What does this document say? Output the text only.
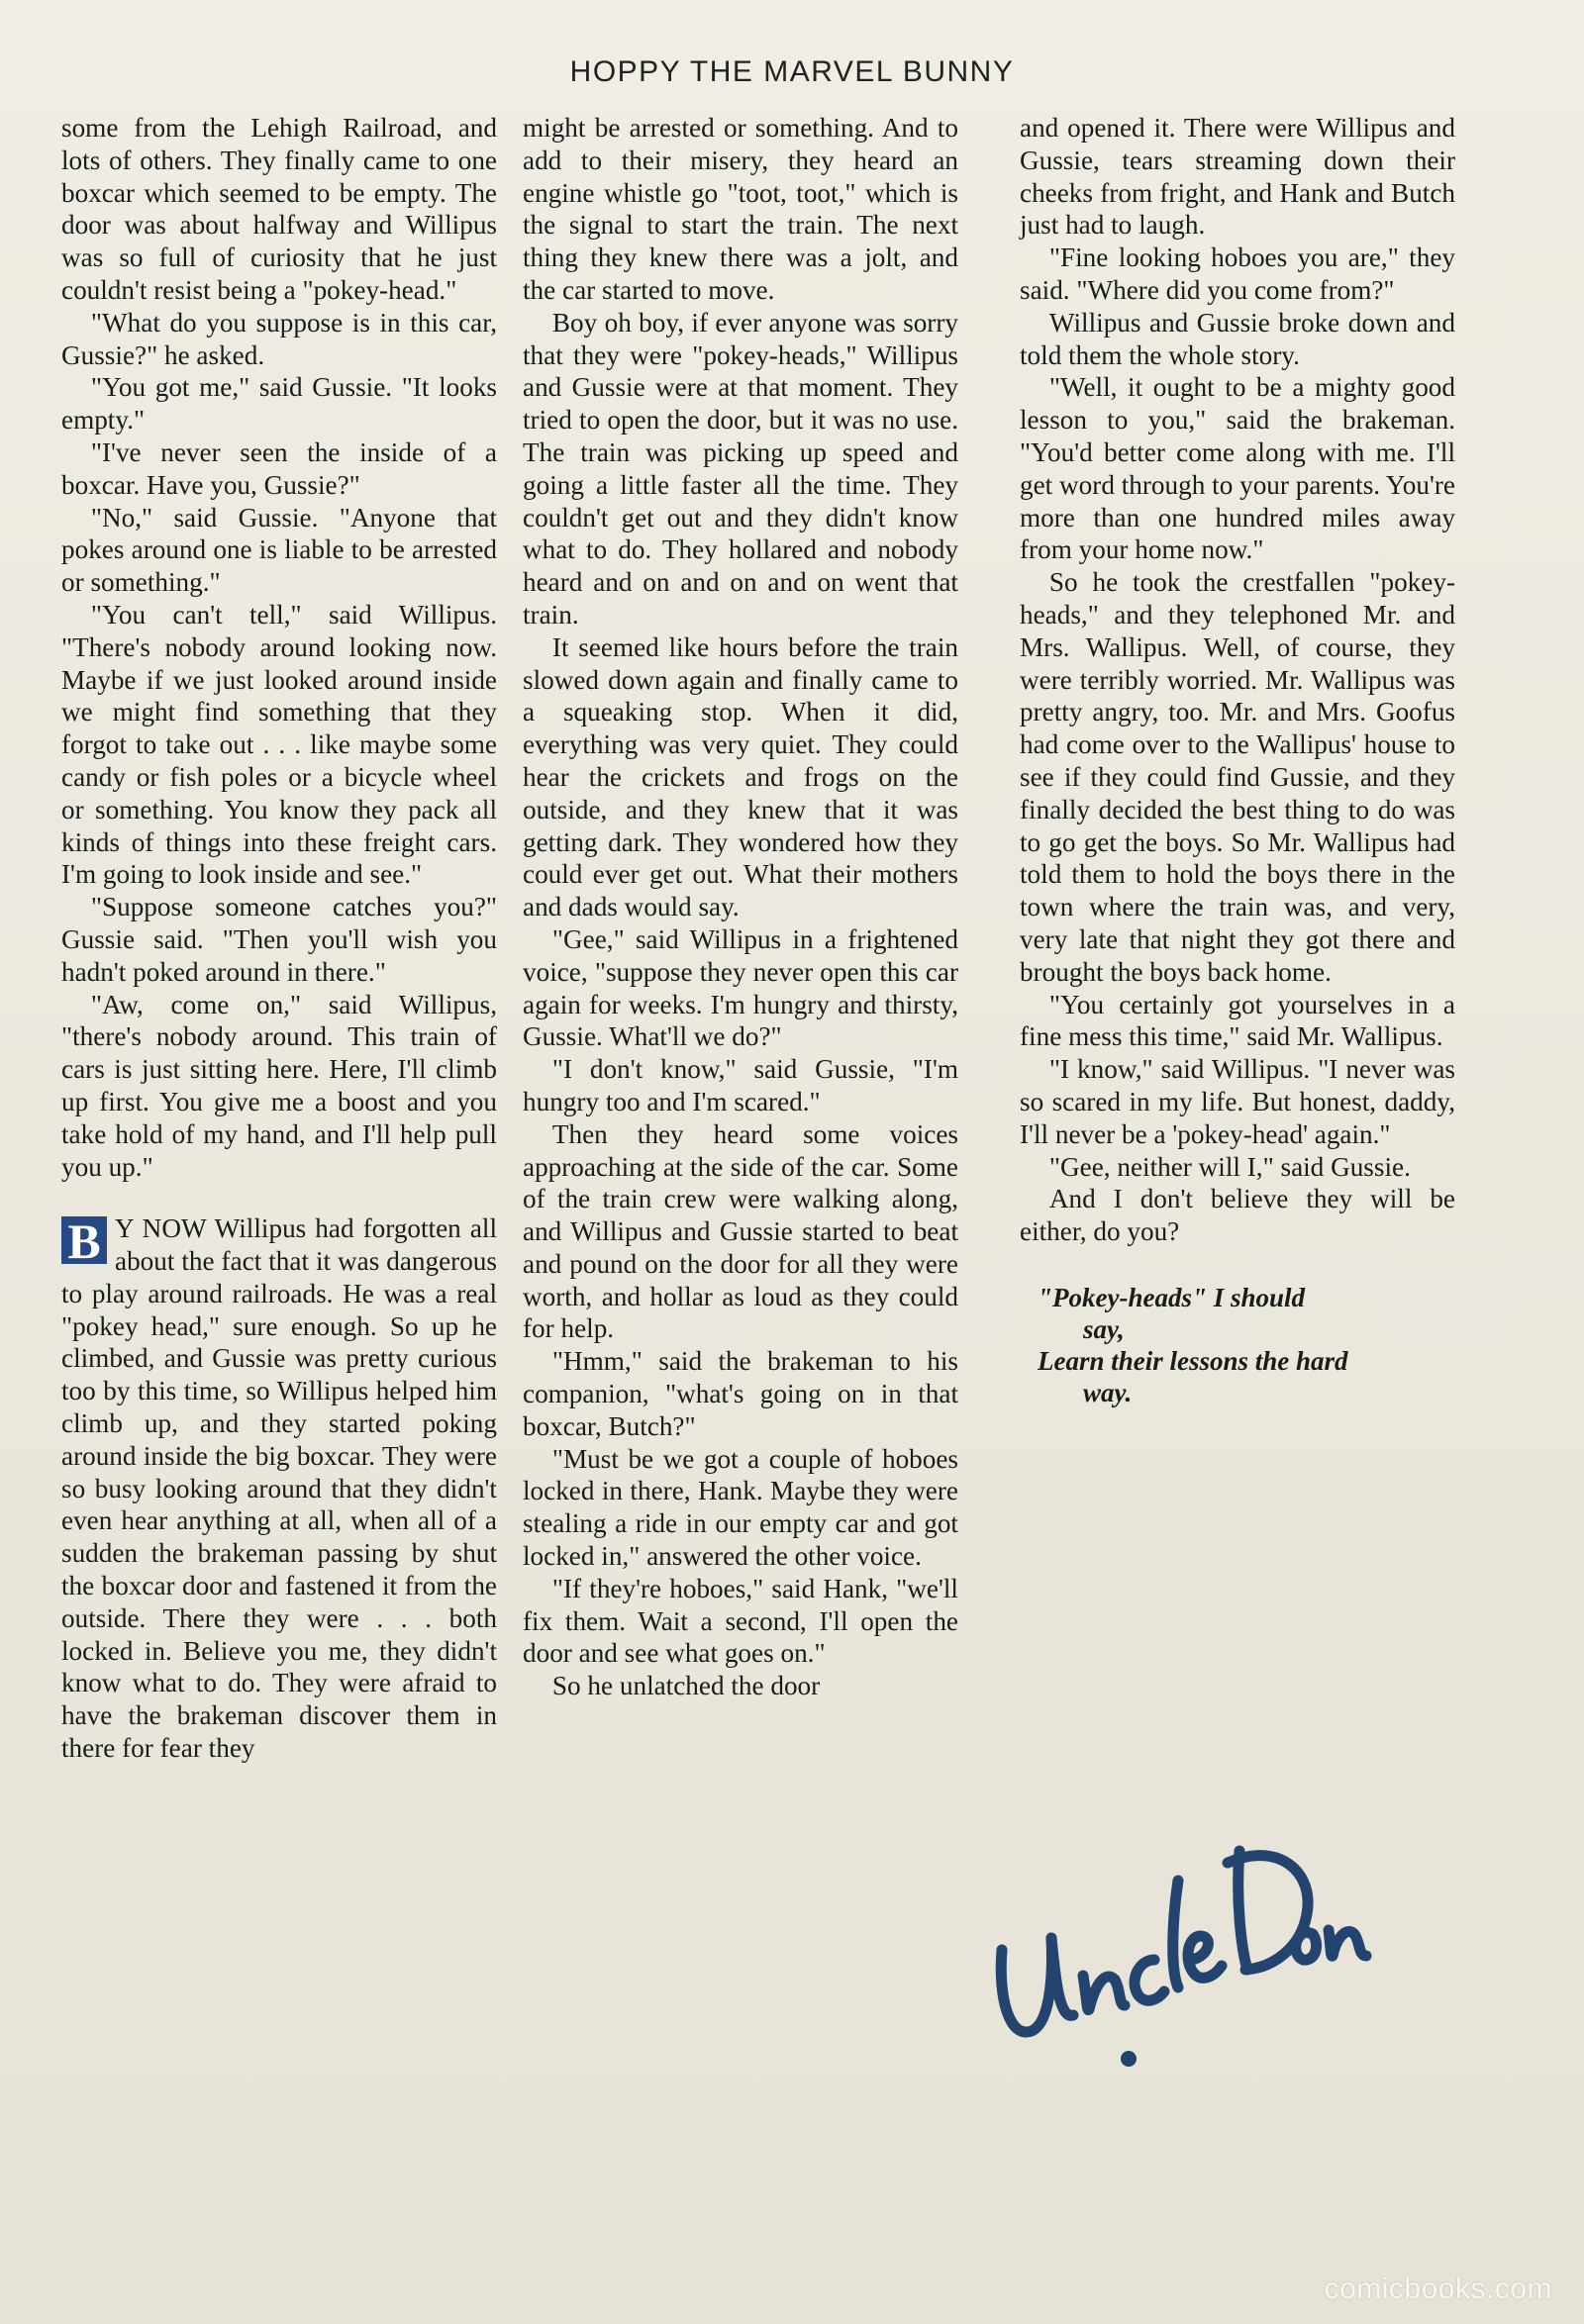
HOPPY THE MARVEL BUNNY

some from the Lehigh Railroad, and lots of others. They finally came to one boxcar which seemed to be empty. The door was about halfway and Willipus was so full of curiosity that he just couldn't resist being a "pokey-head."

"What do you suppose is in this car, Gussie?" he asked.

"You got me," said Gussie. "It looks empty."

"I've never seen the inside of a boxcar. Have you, Gussie?"

"No," said Gussie. "Anyone that pokes around one is liable to be arrested or something."

"You can't tell," said Willipus. "There's nobody around looking now. Maybe if we just looked around inside we might find something that they forgot to take out . . . like maybe some candy or fish poles or a bicycle wheel or something. You know they pack all kinds of things into these freight cars. I'm going to look inside and see."

"Suppose someone catches you?" Gussie said. "Then you'll wish you hadn't poked around in there."

"Aw, come on," said Willipus, "there's nobody around. This train of cars is just sitting here. Here, I'll climb up first. You give me a boost and you take hold of my hand, and I'll help pull you up."

B Y NOW Willipus had forgotten all about the fact that it was dangerous to play around railroads. He was a real "pokey head," sure enough. So up he climbed, and Gussie was pretty curious too by this time, so Willipus helped him climb up, and they started poking around inside the big boxcar. They were so busy looking around that they didn't even hear anything at all, when all of a sudden the brakeman passing by shut the boxcar door and fastened it from the outside. There they were . . . both locked in. Believe you me, they didn't know what to do. They were afraid to have the brakeman discover them in there for fear they

might be arrested or something. And to add to their misery, they heard an engine whistle go "toot, toot," which is the signal to start the train. The next thing they knew there was a jolt, and the car started to move.

Boy oh boy, if ever anyone was sorry that they were "pokey-heads," Willipus and Gussie were at that moment. They tried to open the door, but it was no use. The train was picking up speed and going a little faster all the time. They couldn't get out and they didn't know what to do. They hollared and nobody heard and on and on and on went that train.

It seemed like hours before the train slowed down again and finally came to a squeaking stop. When it did, everything was very quiet. They could hear the crickets and frogs on the outside, and they knew that it was getting dark. They wondered how they could ever get out. What their mothers and dads would say.

"Gee," said Willipus in a frightened voice, "suppose they never open this car again for weeks. I'm hungry and thirsty, Gussie. What'll we do?"

"I don't know," said Gussie, "I'm hungry too and I'm scared."

Then they heard some voices approaching at the side of the car. Some of the train crew were walking along, and Willipus and Gussie started to beat and pound on the door for all they were worth, and hollar as loud as they could for help.

"Hmm," said the brakeman to his companion, "what's going on in that boxcar, Butch?"

"Must be we got a couple of hoboes locked in there, Hank. Maybe they were stealing a ride in our empty car and got locked in," answered the other voice.

"If they're hoboes," said Hank, "we'll fix them. Wait a second, I'll open the door and see what goes on."

So he unlatched the door

and opened it. There were Willipus and Gussie, tears streaming down their cheeks from fright, and Hank and Butch just had to laugh.

"Fine looking hoboes you are," they said. "Where did you come from?"

Willipus and Gussie broke down and told them the whole story.

"Well, it ought to be a mighty good lesson to you," said the brakeman. "You'd better come along with me. I'll get word through to your parents. You're more than one hundred miles away from your home now."

So he took the crestfallen "pokey-heads," and they telephoned Mr. and Mrs. Wallipus. Well, of course, they were terribly worried. Mr. Wallipus was pretty angry, too. Mr. and Mrs. Goofus had come over to the Wallipus' house to see if they could find Gussie, and they finally decided the best thing to do was to go get the boys. So Mr. Wallipus had told them to hold the boys there in the town where the train was, and very, very late that night they got there and brought the boys back home.

"You certainly got yourselves in a fine mess this time," said Mr. Wallipus.

"I know," said Willipus. "I never was so scared in my life. But honest, daddy, I'll never be a 'pokey-head' again."

"Gee, neither will I," said Gussie.

And I don't believe they will be either, do you?

"Pokey-heads" I should
say,
Learn their lessons the hard
way.
comicbooks.com
